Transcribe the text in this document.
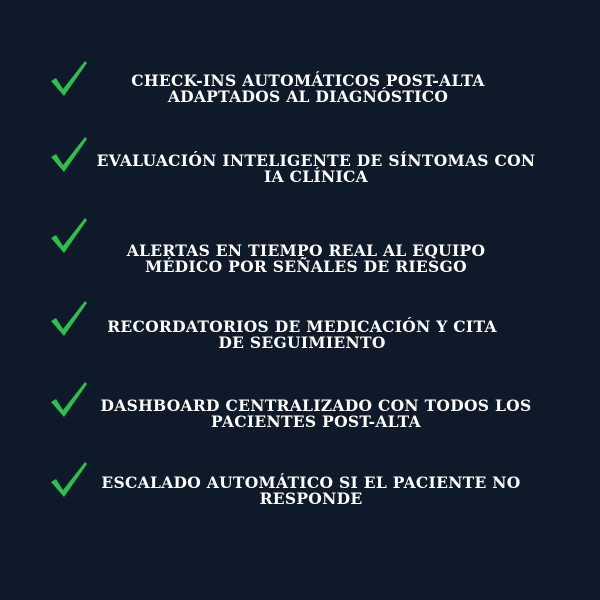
CHECK-INS AUTOMÁTICOS POST-ALTA ADAPTADOS AL DIAGNÓSTICO
EVALUACIÓN INTELIGENTE DE SÍNTOMAS CON IA CLÍNICA
ALERTAS EN TIEMPO REAL AL EQUIPO MÉDICO POR SEÑALES DE RIESGO
RECORDATORIOS DE MEDICACIÓN Y CITA DE SEGUIMIENTO
DASHBOARD CENTRALIZADO CON TODOS LOS PACIENTES POST-ALTA
ESCALADO AUTOMÁTICO SI EL PACIENTE NO RESPONDE
